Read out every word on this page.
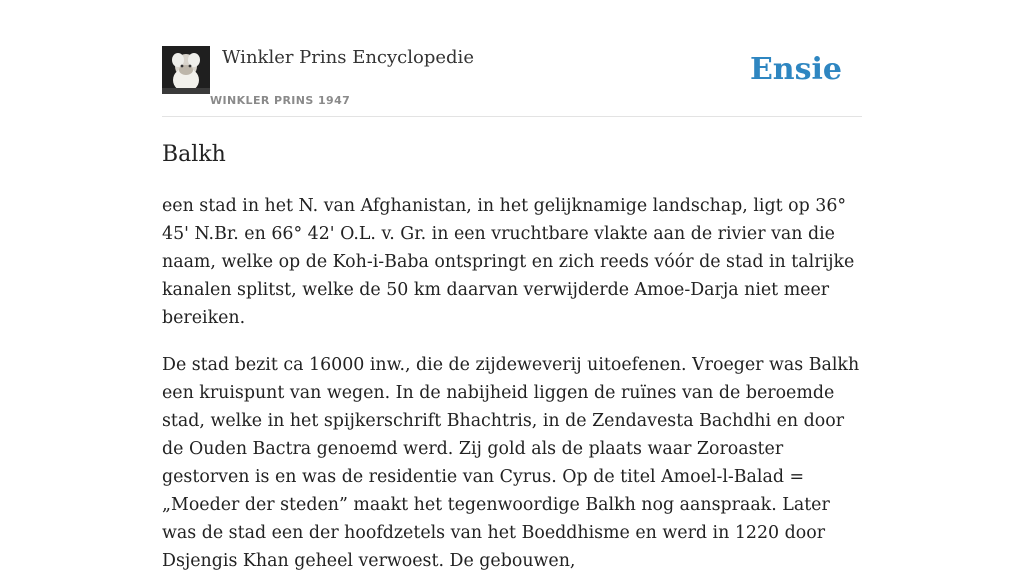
Winkler Prins Encyclopedie
WINKLER PRINS 1947
Ensie
Balkh

een stad in het N. van Afghanistan, in het gelijknamige landschap, ligt op 36° 45' N.Br. en 66° 42' O.L. v. Gr. in een vruchtbare vlakte aan de rivier van die naam, welke op de Koh-i-Baba ontspringt en zich reeds vóór de stad in talrijke kanalen splitst, welke de 50 km daarvan verwijderde Amoe-Darja niet meer bereiken.

De stad bezit ca 16000 inw., die de zijdeweverij uitoefenen. Vroeger was Balkh een kruispunt van wegen. In de nabijheid liggen de ruïnes van de beroemde stad, welke in het spijkerschrift Bhachtris, in de Zendavesta Bachdhi en door de Ouden Bactra genoemd werd. Zij gold als de plaats waar Zoroaster gestorven is en was de residentie van Cyrus. Op de titel Amoel-l-Balad = „Moeder der steden” maakt het tegenwoordige Balkh nog aanspraak. Later was de stad een der hoofdzetels van het Boeddhisme en werd in 1220 door Dsjengis Khan geheel verwoest. De gebouwen,
